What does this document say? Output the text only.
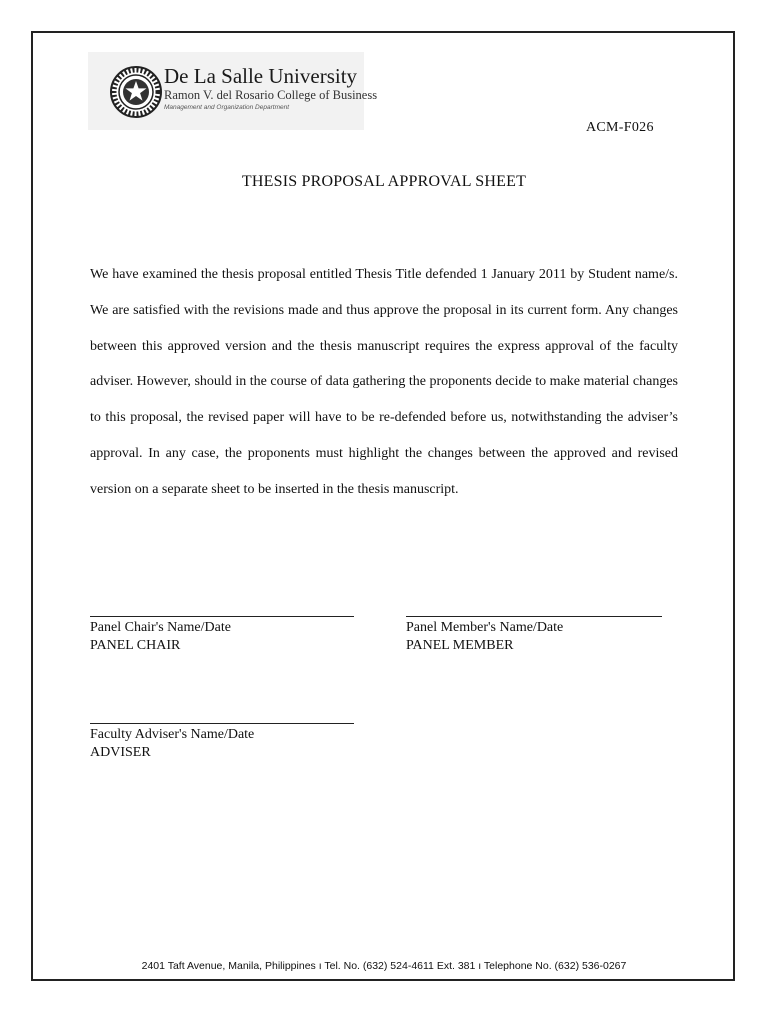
De La Salle University
Ramon V. del Rosario College of Business
Management and Organization Department
ACM-F026
THESIS PROPOSAL APPROVAL SHEET

We have examined the thesis proposal entitled Thesis Title defended 1 January 2011 by Student name/s. We are satisfied with the revisions made and thus approve the proposal in its current form. Any changes between this approved version and the thesis manuscript requires the express approval of the faculty adviser. However, should in the course of data gathering the proponents decide to make material changes to this proposal, the revised paper will have to be re-defended before us, notwithstanding the adviser’s approval. In any case, the proponents must highlight the changes between the approved and revised version on a separate sheet to be inserted in the thesis manuscript.

Panel Chair's Name/Date
PANEL CHAIR
Panel Member's Name/Date
PANEL MEMBER
Faculty Adviser's Name/Date
ADVISER
2401 Taft Avenue, Manila, Philippines ı Tel. No. (632) 524-4611 Ext. 381 ı Telephone No. (632) 536-0267
